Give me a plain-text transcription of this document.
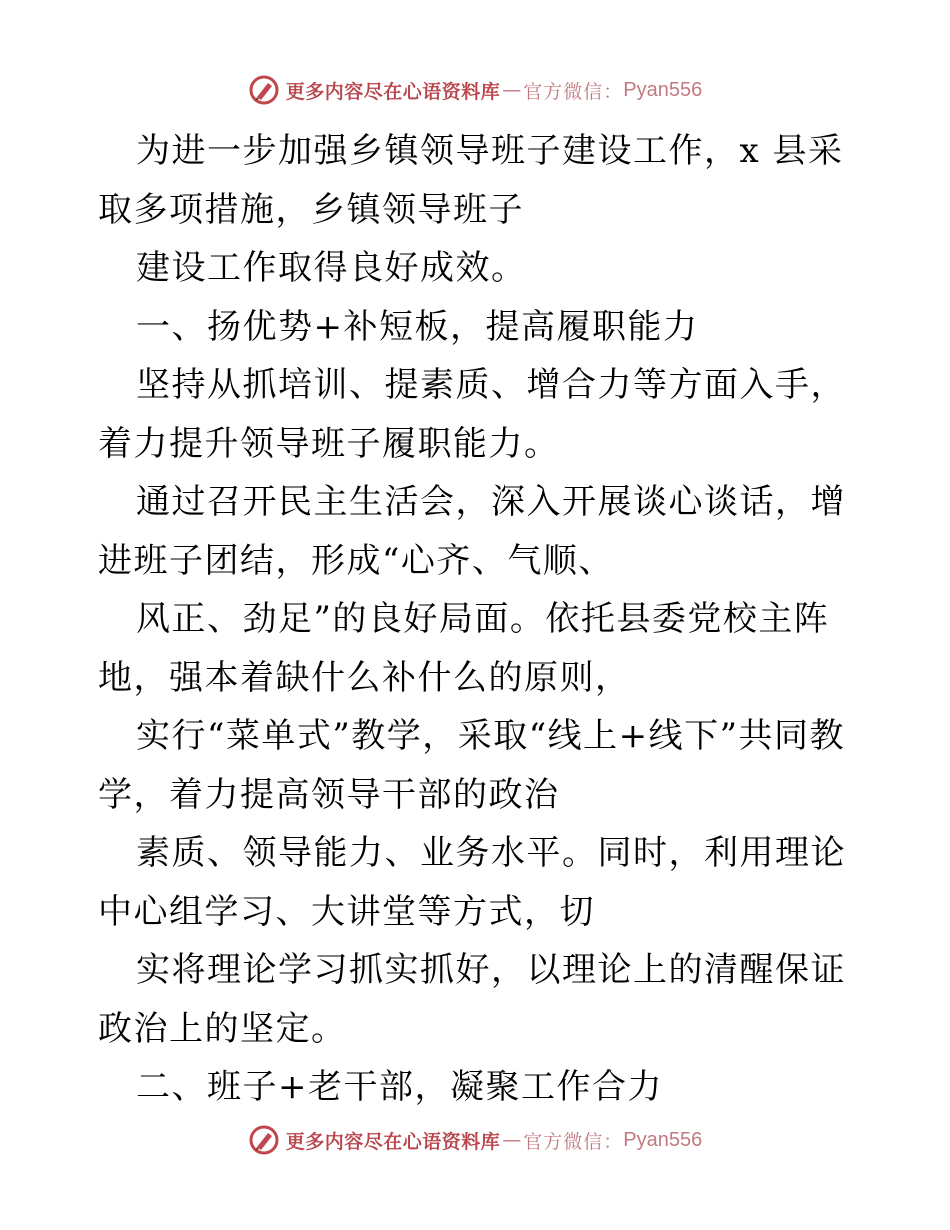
更多内容尽在心语资料库 — 官方微信： Pyan556

为进一步加强乡镇领导班子建设工作，x 县采取多项措施，乡镇领导班子

建设工作取得良好成效。

一、扬优势+补短板，提高履职能力

坚持从抓培训、提素质、增合力等方面入手，着力提升领导班子履职能力。

通过召开民主生活会，深入开展谈心谈话，增进班子团结，形成“心齐、气顺、

风正、劲足”的良好局面。依托县委党校主阵地，强本着缺什么补什么的原则，

实行“菜单式”教学，采取“线上+线下”共同教学，着力提高领导干部的政治

素质、领导能力、业务水平。同时，利用理论中心组学习、大讲堂等方式，切

实将理论学习抓实抓好，以理论上的清醒保证政治上的坚定。

二、班子+老干部，凝聚工作合力

更多内容尽在心语资料库 — 官方微信： Pyan556
